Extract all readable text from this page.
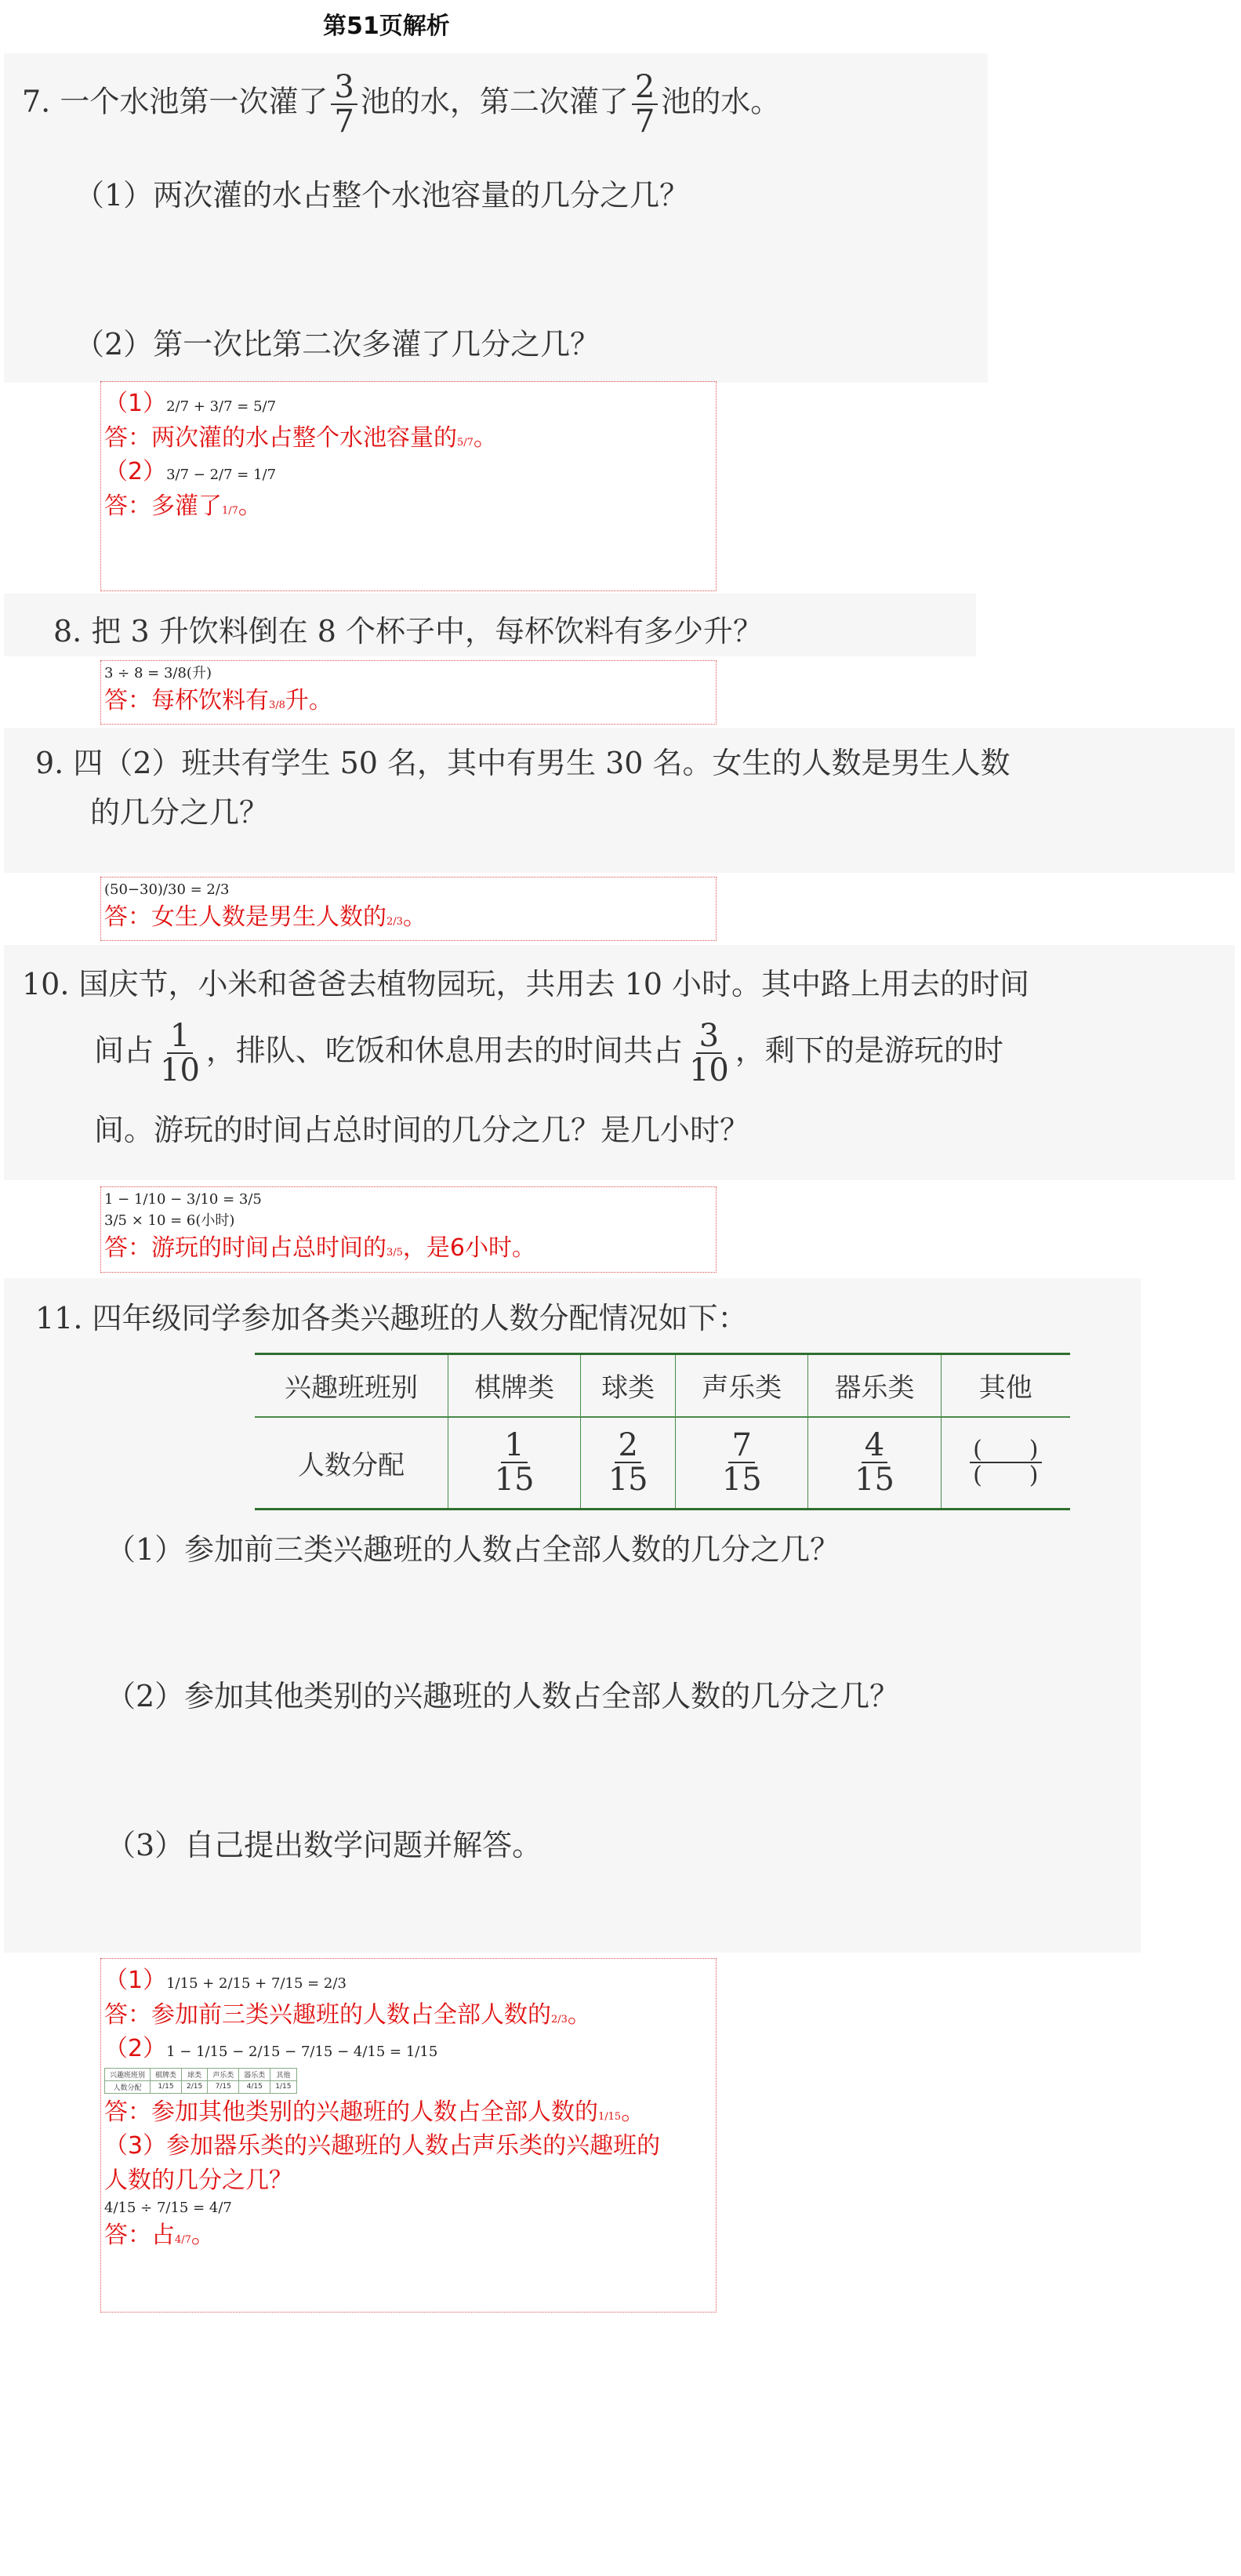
第51页解析
7. 一个水池第一次灌了 $\frac{3}{7}$ 池的水，第二次灌了 $\frac{2}{7}$ 池的水。
（1）两次灌的水占整个水池容量的几分之几？
（2）第一次比第二次多灌了几分之几？
（1）2/7 + 3/7 = 5/7
答：两次灌的水占整个水池容量的5/7。
（2）3/7 − 2/7 = 1/7
答：多灌了1/7。
8. 把 3 升饮料倒在 8 个杯子中，每杯饮料有多少升？
3 ÷ 8 = 3/8(升)
答：每杯饮料有3/8升。
9. 四（2）班共有学生 50 名，其中有男生 30 名。女生的人数是男生人数
的几分之几？
(50−30)/30 = 2/3
答：女生人数是男生人数的2/3。
10. 国庆节，小米和爸爸去植物园玩，共用去 10 小时。其中路上用去的时间
间占 $\frac{1}{10}$ ，排队、吃饭和休息用去的时间共占 $\frac{3}{10}$ ，剩下的是游玩的时
间。游玩的时间占总时间的几分之几？是几小时？
1 − 1/10 − 3/10 = 3/5
3/5 × 10 = 6(小时)
答：游玩的时间占总时间的3/5，是6小时。
11. 四年级同学参加各类兴趣班的人数分配情况如下：
兴趣班班别	棋牌类	球类	声乐类	器乐类	其他
人数分配	$\frac{1}{15}$	$\frac{2}{15}$	$\frac{7}{15}$	$\frac{4}{15}$	$\frac{( )}{( )}$
（1）参加前三类兴趣班的人数占全部人数的几分之几？
（2）参加其他类别的兴趣班的人数占全部人数的几分之几？
（3）自己提出数学问题并解答。
（1）1/15 + 2/15 + 7/15 = 2/3
答：参加前三类兴趣班的人数占全部人数的2/3。
（2）1 − 1/15 − 2/15 − 7/15 − 4/15 = 1/15
兴趣班班别	棋牌类	球类	声乐类	器乐类	其他
人数分配	1/15	2/15	7/15	4/15	1/15
答：参加其他类别的兴趣班的人数占全部人数的1/15。
（3）参加器乐类的兴趣班的人数占声乐类的兴趣班的
人数的几分之几？
4/15 ÷ 7/15 = 4/7
答：占4/7。
